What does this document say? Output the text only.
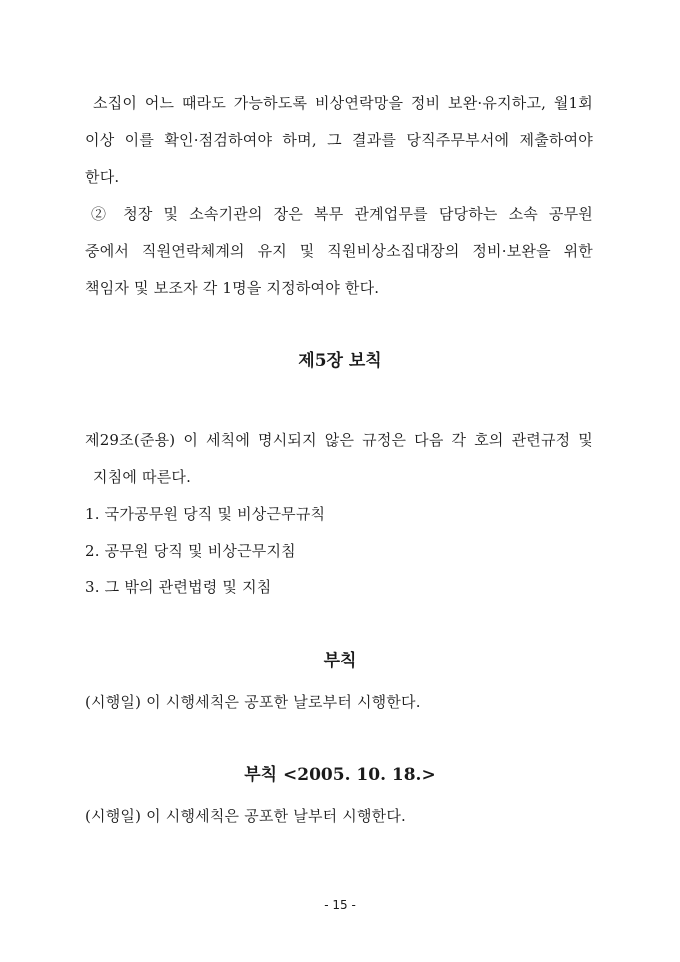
소집이 어느 때라도 가능하도록 비상연락망을 정비 보완·유지하고, 월1회
이상 이를 확인·점검하여야 하며, 그 결과를 당직주무부서에 제출하여야
한다.
② 청장 및 소속기관의 장은 복무 관계업무를 담당하는 소속 공무원
중에서 직원연락체계의 유지 및 직원비상소집대장의 정비·보완을 위한
책임자 및 보조자 각 1명을 지정하여야 한다.
제5장 보칙
제29조(준용) 이 세칙에 명시되지 않은 규정은 다음 각 호의 관련규정 및
지침에 따른다.
1. 국가공무원 당직 및 비상근무규칙
2. 공무원 당직 및 비상근무지침
3. 그 밖의 관련법령 및 지침
부칙
(시행일) 이 시행세칙은 공포한 날로부터 시행한다.
부칙 <2005. 10. 18.>
(시행일) 이 시행세칙은 공포한 날부터 시행한다.
- 15 -
